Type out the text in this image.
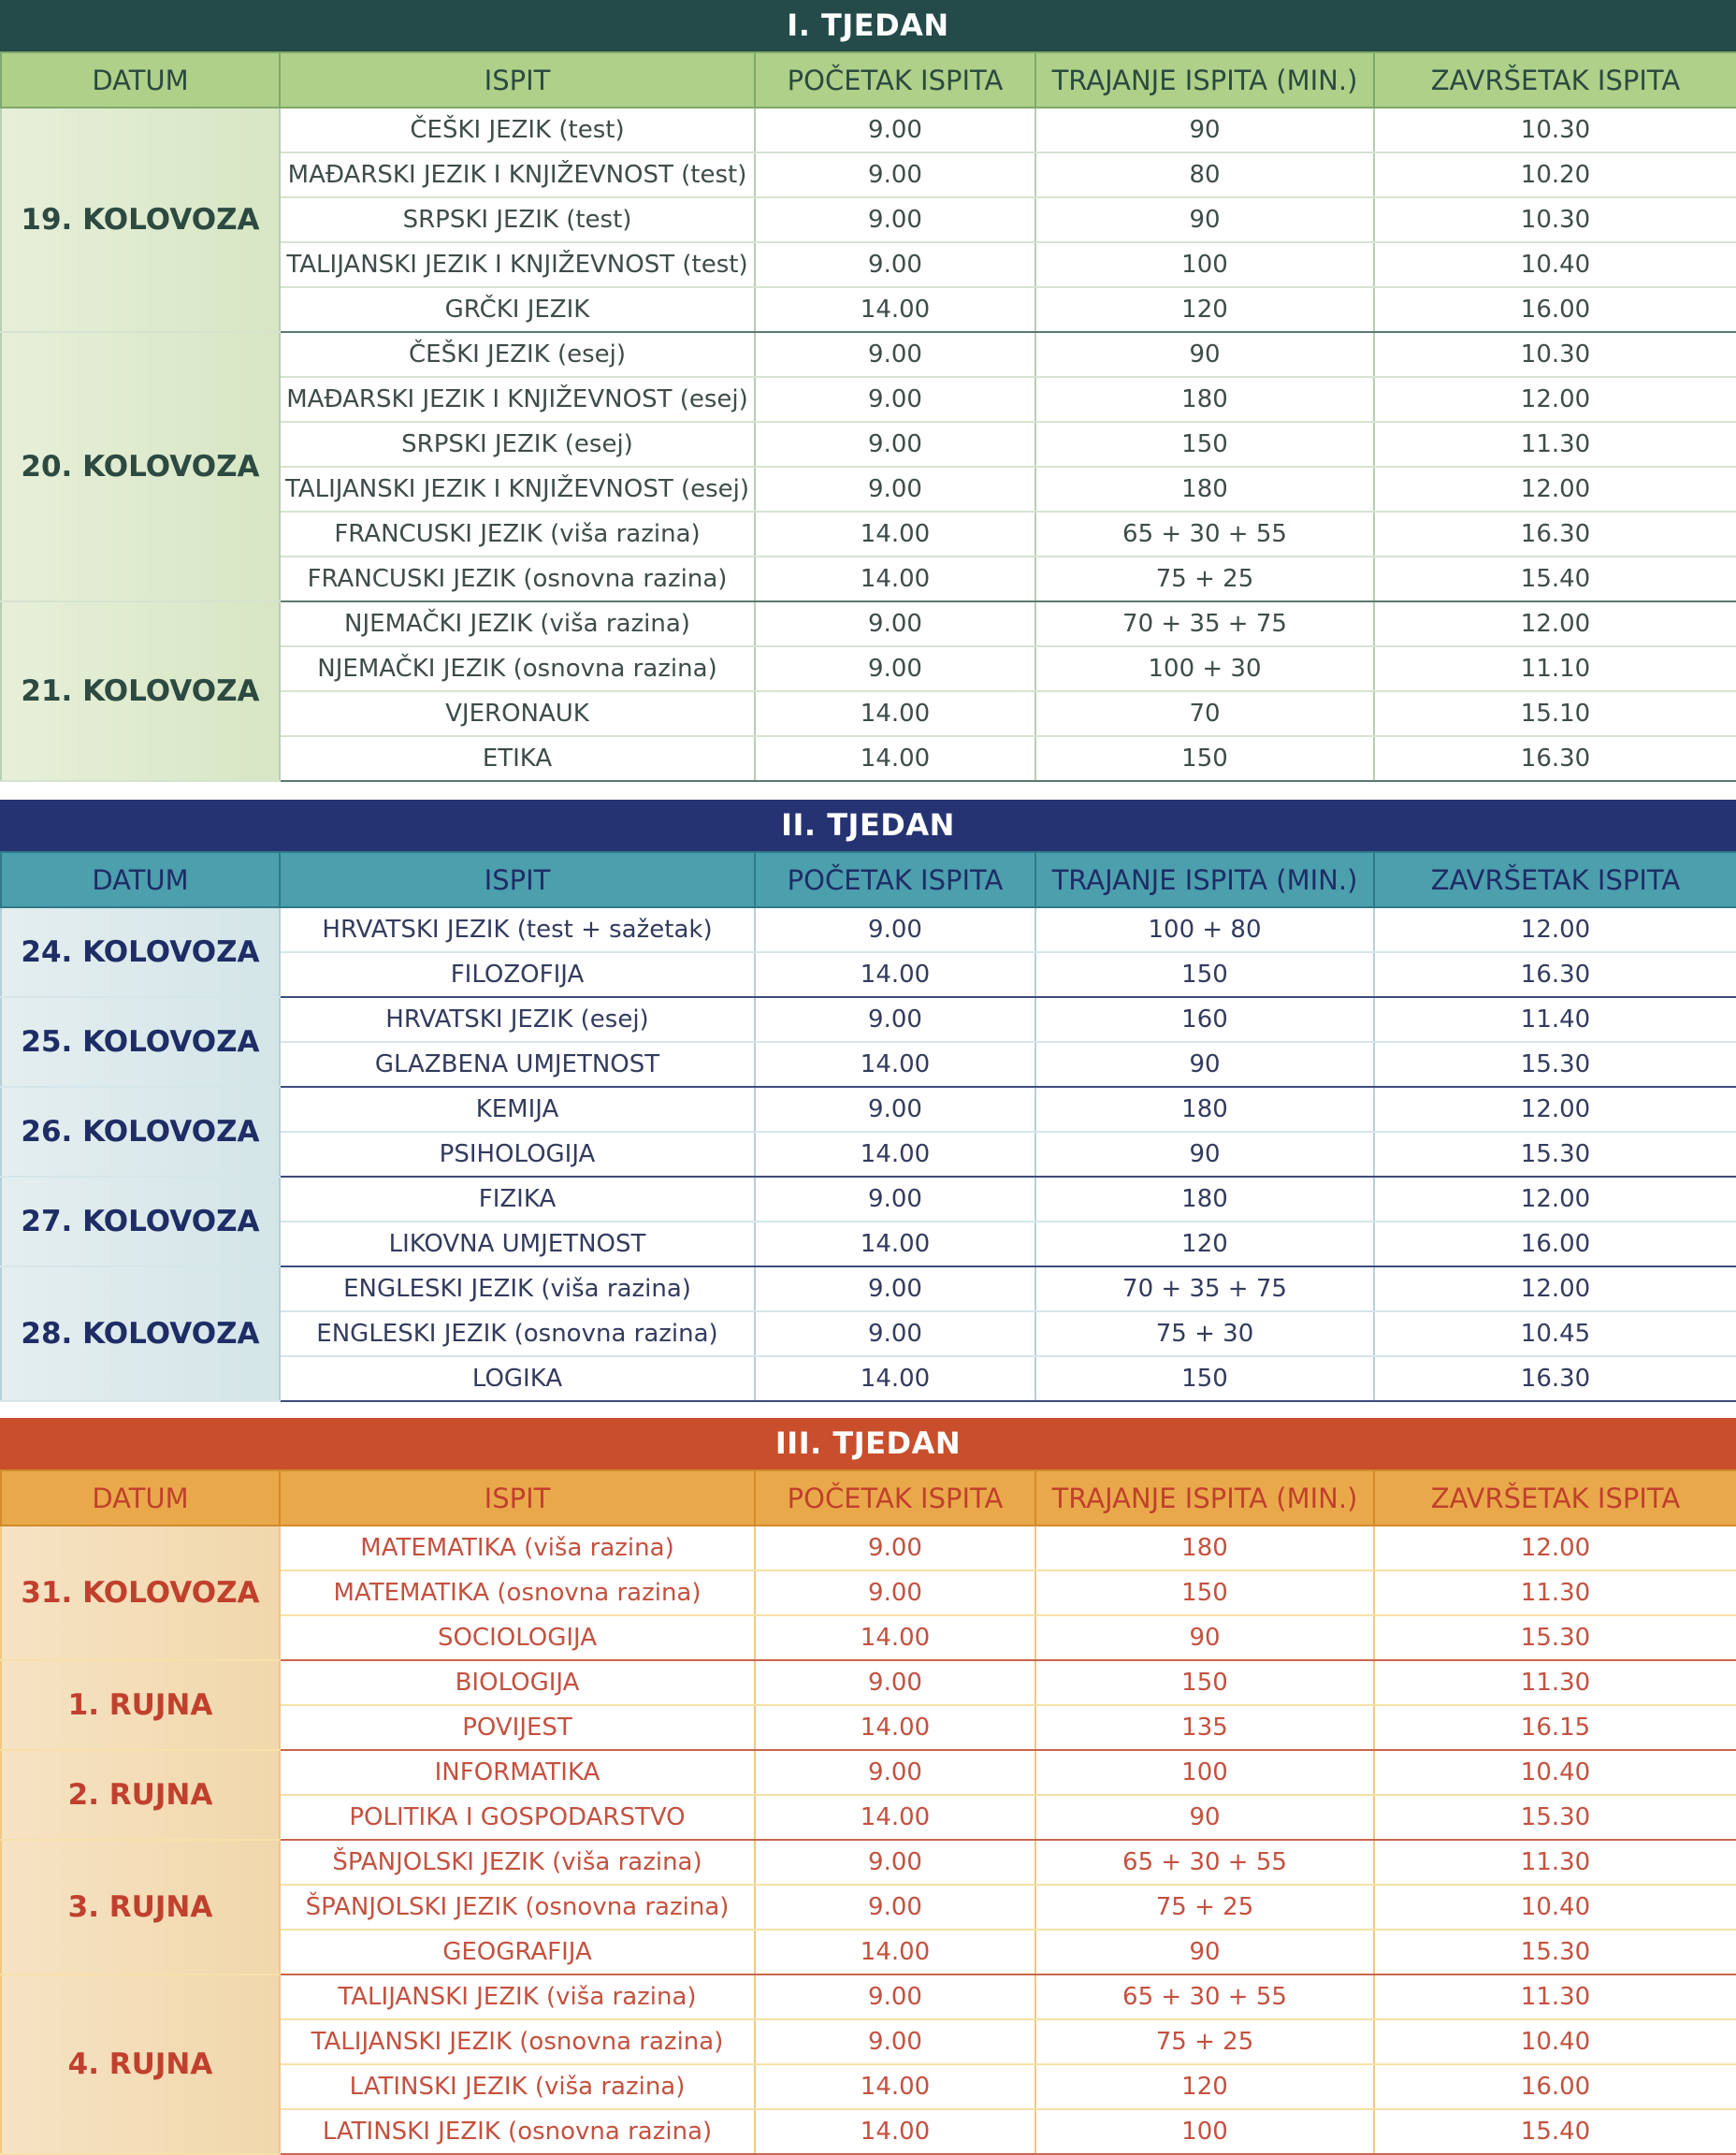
I. TJEDAN
DATUM	ISPIT	POČETAK ISPITA	TRAJANJE ISPITA (MIN.)	ZAVRŠETAK ISPITA
19. KOLOVOZA	ČEŠKI JEZIK (test)	9.00	90	10.30
	MAĐARSKI JEZIK I KNJIŽEVNOST (test)	9.00	80	10.20
	SRPSKI JEZIK (test)	9.00	90	10.30
	TALIJANSKI JEZIK I KNJIŽEVNOST (test)	9.00	100	10.40
	GRČKI JEZIK	14.00	120	16.00
20. KOLOVOZA	ČEŠKI JEZIK (esej)	9.00	90	10.30
	MAĐARSKI JEZIK I KNJIŽEVNOST (esej)	9.00	180	12.00
	SRPSKI JEZIK (esej)	9.00	150	11.30
	TALIJANSKI JEZIK I KNJIŽEVNOST (esej)	9.00	180	12.00
	FRANCUSKI JEZIK (viša razina)	14.00	65 + 30 + 55	16.30
	FRANCUSKI JEZIK (osnovna razina)	14.00	75 + 25	15.40
21. KOLOVOZA	NJEMAČKI JEZIK (viša razina)	9.00	70 + 35 + 75	12.00
	NJEMAČKI JEZIK (osnovna razina)	9.00	100 + 30	11.10
	VJERONAUK	14.00	70	15.10
	ETIKA	14.00	150	16.30
II. TJEDAN
DATUM	ISPIT	POČETAK ISPITA	TRAJANJE ISPITA (MIN.)	ZAVRŠETAK ISPITA
24. KOLOVOZA	HRVATSKI JEZIK (test + sažetak)	9.00	100 + 80	12.00
	FILOZOFIJA	14.00	150	16.30
25. KOLOVOZA	HRVATSKI JEZIK (esej)	9.00	160	11.40
	GLAZBENA UMJETNOST	14.00	90	15.30
26. KOLOVOZA	KEMIJA	9.00	180	12.00
	PSIHOLOGIJA	14.00	90	15.30
27. KOLOVOZA	FIZIKA	9.00	180	12.00
	LIKOVNA UMJETNOST	14.00	120	16.00
28. KOLOVOZA	ENGLESKI JEZIK (viša razina)	9.00	70 + 35 + 75	12.00
	ENGLESKI JEZIK (osnovna razina)	9.00	75 + 30	10.45
	LOGIKA	14.00	150	16.30
III. TJEDAN
DATUM	ISPIT	POČETAK ISPITA	TRAJANJE ISPITA (MIN.)	ZAVRŠETAK ISPITA
31. KOLOVOZA	MATEMATIKA (viša razina)	9.00	180	12.00
	MATEMATIKA (osnovna razina)	9.00	150	11.30
	SOCIOLOGIJA	14.00	90	15.30
1. RUJNA	BIOLOGIJA	9.00	150	11.30
	POVIJEST	14.00	135	16.15
2. RUJNA	INFORMATIKA	9.00	100	10.40
	POLITIKA I GOSPODARSTVO	14.00	90	15.30
3. RUJNA	ŠPANJOLSKI JEZIK (viša razina)	9.00	65 + 30 + 55	11.30
	ŠPANJOLSKI JEZIK (osnovna razina)	9.00	75 + 25	10.40
	GEOGRAFIJA	14.00	90	15.30
4. RUJNA	TALIJANSKI JEZIK (viša razina)	9.00	65 + 30 + 55	11.30
	TALIJANSKI JEZIK (osnovna razina)	9.00	75 + 25	10.40
	LATINSKI JEZIK (viša razina)	14.00	120	16.00
	LATINSKI JEZIK (osnovna razina)	14.00	100	15.40
